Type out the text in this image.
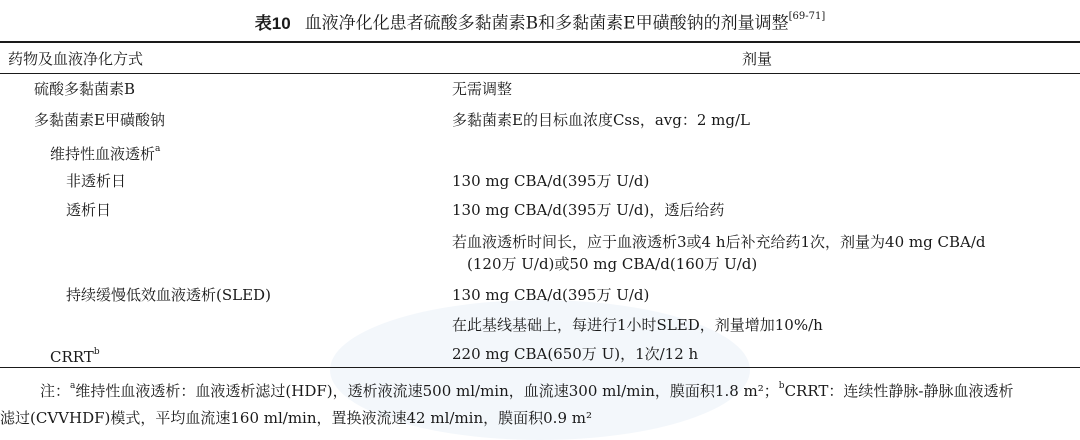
表10 血液净化化患者硫酸多黏菌素B和多黏菌素E甲磺酸钠的剂量调整[69-71]
药物及血液净化方式	剂量
硫酸多黏菌素B	无需调整
多黏菌素E甲磺酸钠	多黏菌素E的目标血浓度Css，avg：2 mg/L
维持性血液透析$^a$
非透析日	130 mg CBA/d(395万 U/d)
透析日	130 mg CBA/d(395万 U/d)，透后给药
若血液透析时间长，应于血液透析3或4 h后补充给药1次，剂量为40 mg CBA/d
(120万 U/d)或50 mg CBA/d(160万 U/d)
持续缓慢低效血液透析(SLED)	130 mg CBA/d(395万 U/d)
在此基线基础上，每进行1小时SLED，剂量增加10%/h
CRRT$^b$	220 mg CBA(650万 U)，1次/12 h
注：$^a$维持性血液透析：血液透析滤过(HDF)，透析液流速500 ml/min，血流速300 ml/min，膜面积1.8 m²；$^b$CRRT：连续性静脉-静脉血液透析
滤过(CVVHDF)模式，平均血流速160 ml/min，置换液流速42 ml/min，膜面积0.9 m²
